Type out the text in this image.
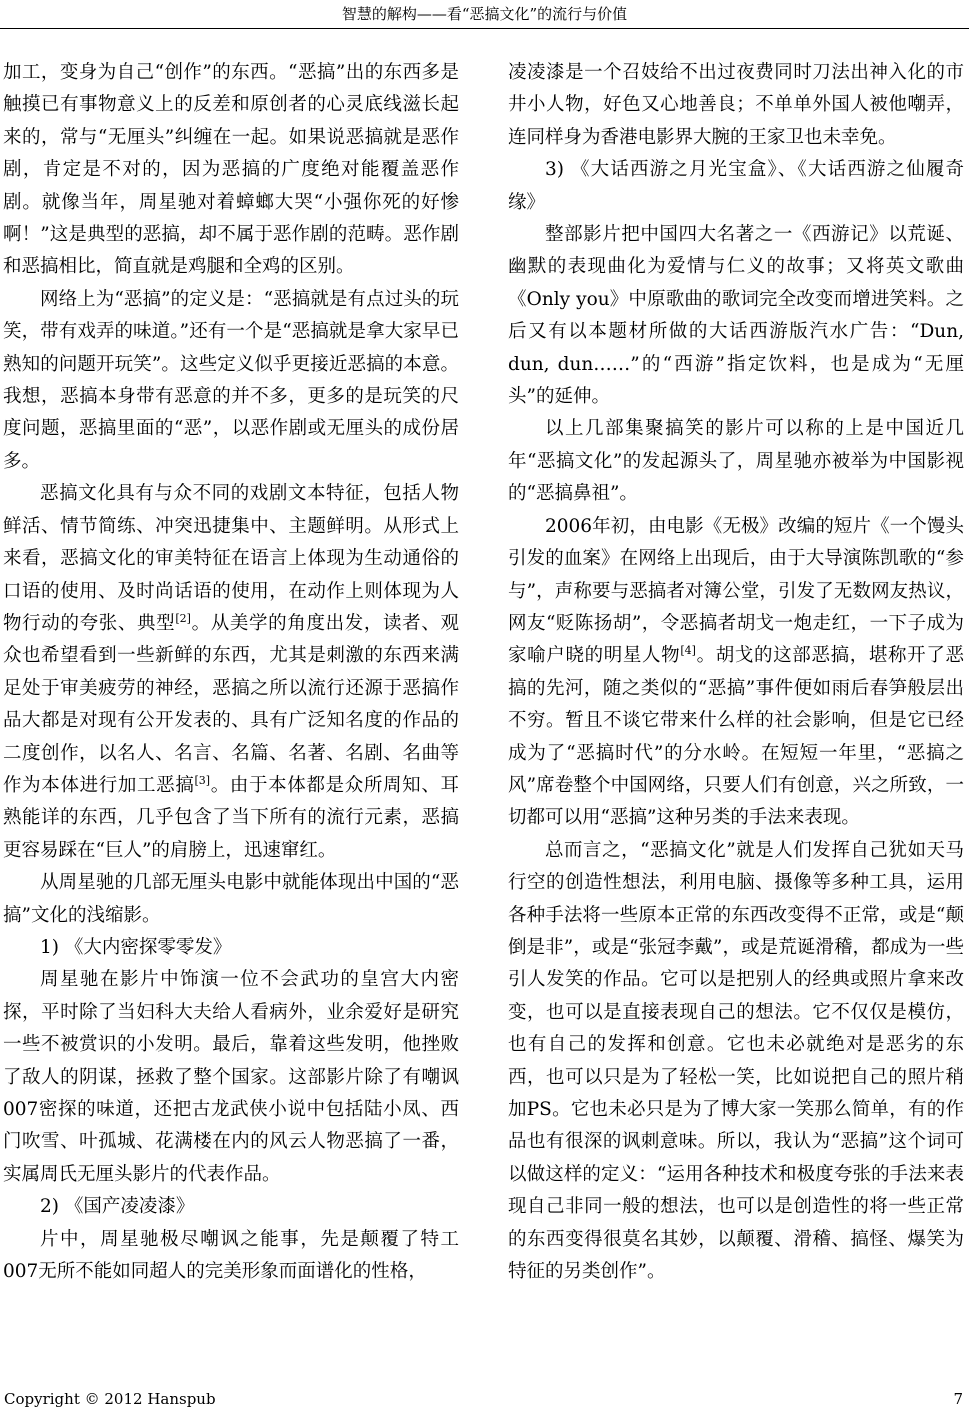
智慧的解构——看“恶搞文化”的流行与价值

加工，变身为自己“创作”的东西。“恶搞”出的东西多是触摸已有事物意义上的反差和原创者的心灵底线滋长起来的，常与“无厘头”纠缠在一起。如果说恶搞就是恶作剧，肯定是不对的，因为恶搞的广度绝对能覆盖恶作剧。就像当年，周星驰对着蟑螂大哭“小强你死的好惨啊！”这是典型的恶搞，却不属于恶作剧的范畴。恶作剧和恶搞相比，简直就是鸡腿和全鸡的区别。

网络上为“恶搞”的定义是：“恶搞就是有点过头的玩笑，带有戏弄的味道。”还有一个是“恶搞就是拿大家早已熟知的问题开玩笑”。这些定义似乎更接近恶搞的本意。我想，恶搞本身带有恶意的并不多，更多的是玩笑的尺度问题，恶搞里面的“恶”，以恶作剧或无厘头的成份居多。

恶搞文化具有与众不同的戏剧文本特征，包括人物鲜活、情节简练、冲突迅捷集中、主题鲜明。从形式上来看，恶搞文化的审美特征在语言上体现为生动通俗的口语的使用、及时尚话语的使用，在动作上则体现为人物行动的夸张、典型[2]。从美学的角度出发，读者、观众也希望看到一些新鲜的东西，尤其是刺激的东西来满足处于审美疲劳的神经，恶搞之所以流行还源于恶搞作品大都是对现有公开发表的、具有广泛知名度的作品的二度创作，以名人、名言、名篇、名著、名剧、名曲等作为本体进行加工恶搞[3]。由于本体都是众所周知、耳熟能详的东西，几乎包含了当下所有的流行元素，恶搞更容易踩在“巨人”的肩膀上，迅速窜红。

从周星驰的几部无厘头电影中就能体现出中国的“恶搞”文化的浅缩影。

1) 《大内密探零零发》

周星驰在影片中饰演一位不会武功的皇宫大内密探，平时除了当妇科大夫给人看病外，业余爱好是研究一些不被赏识的小发明。最后，靠着这些发明，他挫败了敌人的阴谋，拯救了整个国家。这部影片除了有嘲讽007密探的味道，还把古龙武侠小说中包括陆小凤、西门吹雪、叶孤城、花满楼在内的风云人物恶搞了一番，实属周氏无厘头影片的代表作品。

2) 《国产凌凌漆》

片中，周星驰极尽嘲讽之能事，先是颠覆了特工007无所不能如同超人的完美形象而面谱化的性格，

凌凌漆是一个召妓给不出过夜费同时刀法出神入化的市井小人物，好色又心地善良；不单单外国人被他嘲弄，连同样身为香港电影界大腕的王家卫也未幸免。

3) 《大话西游之月光宝盒》、《大话西游之仙履奇缘》

整部影片把中国四大名著之一《西游记》以荒诞、幽默的表现曲化为爱情与仁义的故事；又将英文歌曲《Only you》中原歌曲的歌词完全改变而增进笑料。之后又有以本题材所做的大话西游版汽水广告：“Dun, dun, dun……”的“西游”指定饮料，也是成为“无厘头”的延伸。

以上几部集聚搞笑的影片可以称的上是中国近几年“恶搞文化”的发起源头了，周星驰亦被举为中国影视的“恶搞鼻祖”。

2006年初，由电影《无极》改编的短片《一个馒头引发的血案》在网络上出现后，由于大导演陈凯歌的“参与”，声称要与恶搞者对簿公堂，引发了无数网友热议，网友“贬陈扬胡”，令恶搞者胡戈一炮走红，一下子成为家喻户晓的明星人物[4]。胡戈的这部恶搞，堪称开了恶搞的先河，随之类似的“恶搞”事件便如雨后春笋般层出不穷。暂且不谈它带来什么样的社会影响，但是它已经成为了“恶搞时代”的分水岭。在短短一年里，“恶搞之风”席卷整个中国网络，只要人们有创意，兴之所致，一切都可以用“恶搞”这种另类的手法来表现。

总而言之，“恶搞文化”就是人们发挥自己犹如天马行空的创造性想法，利用电脑、摄像等多种工具，运用各种手法将一些原本正常的东西改变得不正常，或是“颠倒是非”，或是“张冠李戴”，或是荒诞滑稽，都成为一些引人发笑的作品。它可以是把别人的经典或照片拿来改变，也可以是直接表现自己的想法。它不仅仅是模仿，也有自己的发挥和创意。它也未必就绝对是恶劣的东西，也可以只是为了轻松一笑，比如说把自己的照片稍加PS。它也未必只是为了博大家一笑那么简单，有的作品也有很深的讽刺意味。所以，我认为“恶搞”这个词可以做这样的定义：“运用各种技术和极度夸张的手法来表现自己非同一般的想法，也可以是创造性的将一些正常的东西变得很莫名其妙，以颠覆、滑稽、搞怪、爆笑为特征的另类创作”。

Copyright © 2012 Hanspub	7
